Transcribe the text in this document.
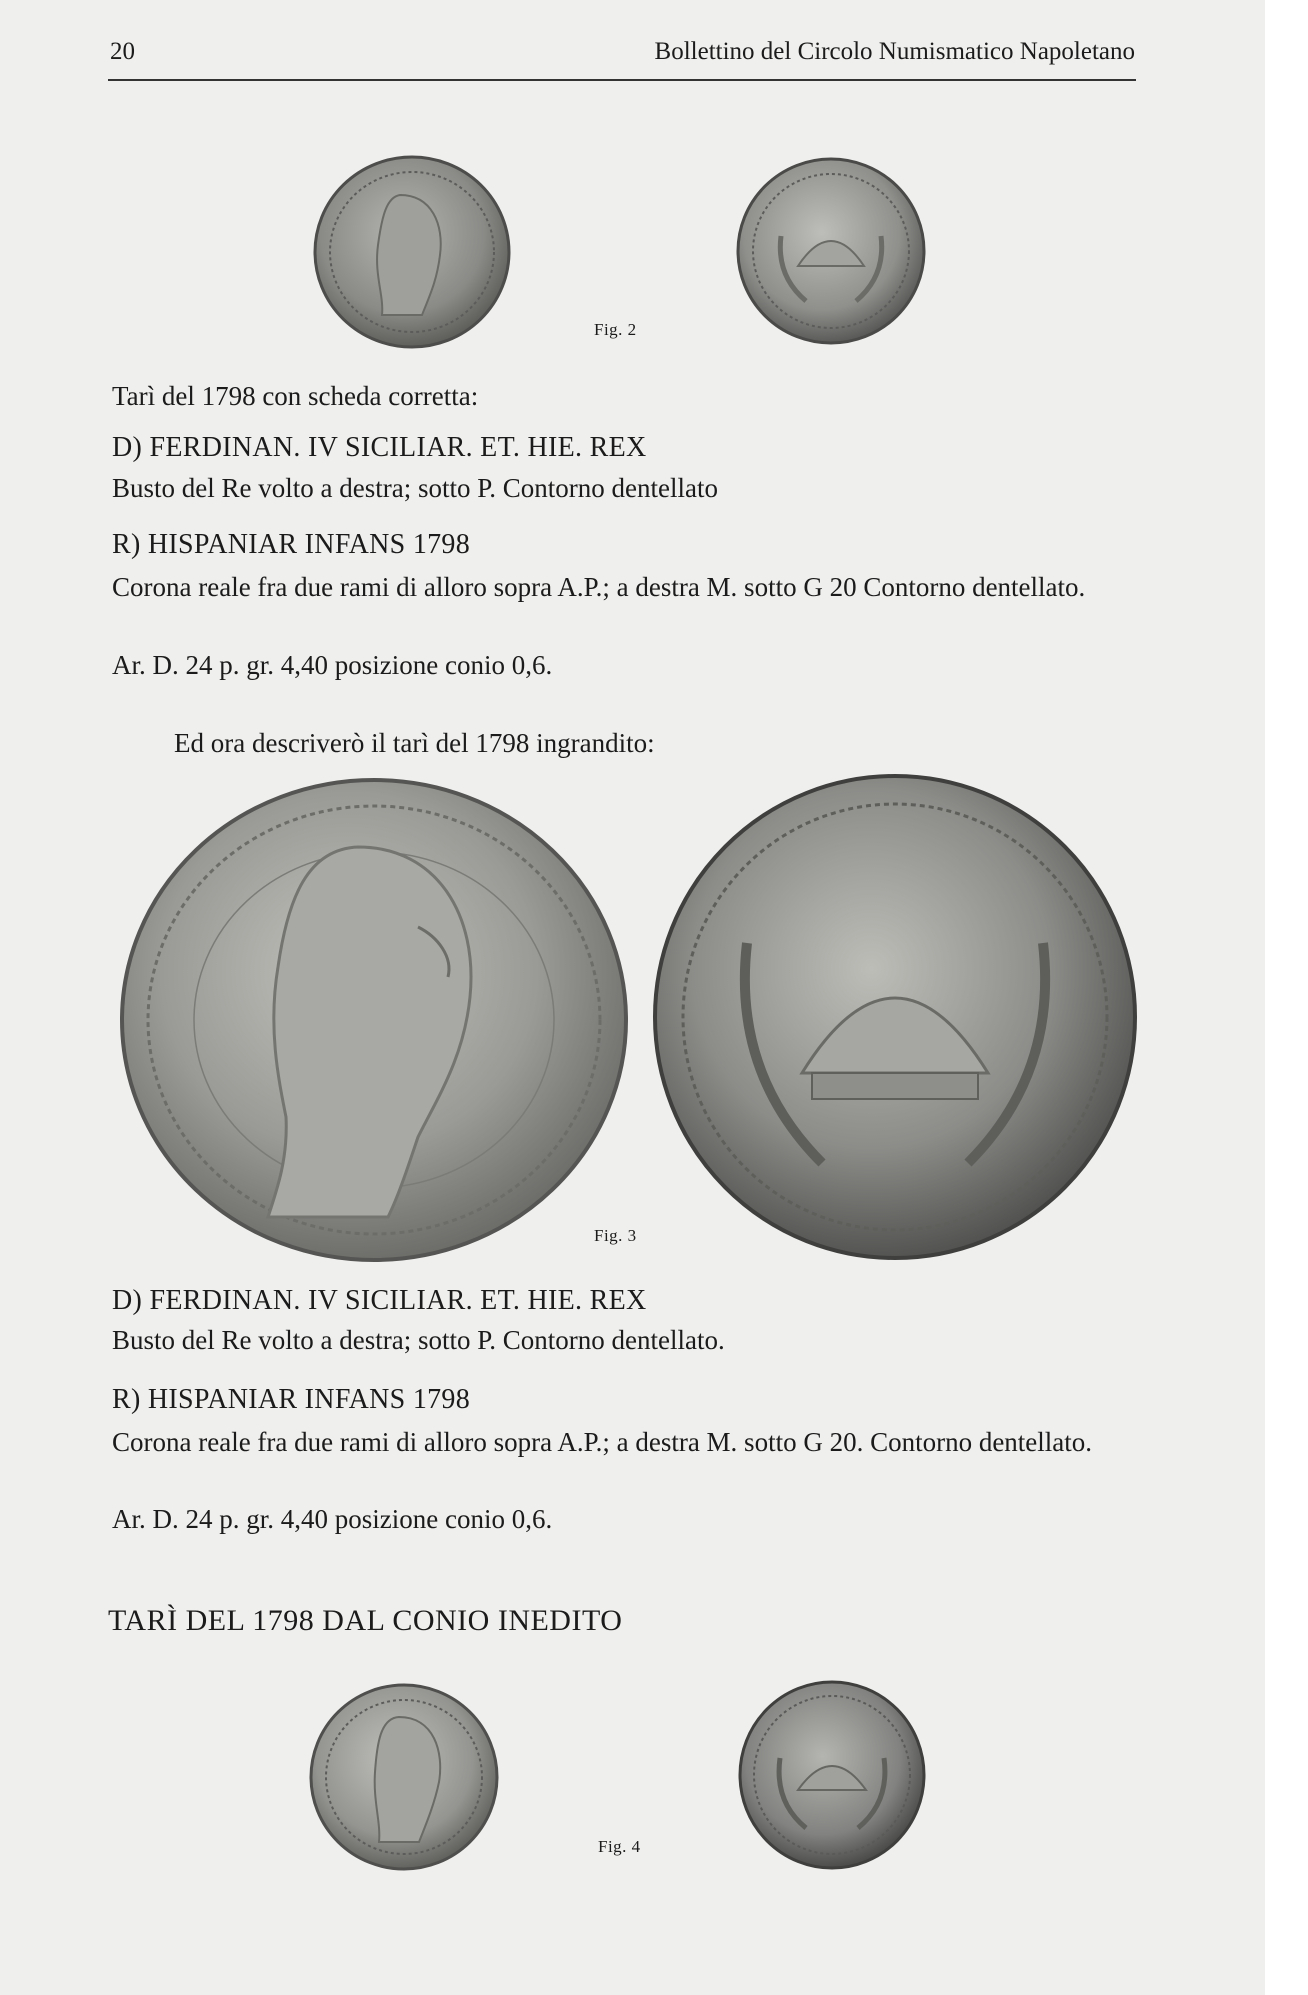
20	Bollettino del Circolo Numismatico Napoletano
Fig. 2
Tarì del 1798 con scheda corretta:
D) FERDINAN. IV SICILIAR. ET. HIE. REX
Busto del Re volto a destra; sotto P. Contorno dentellato
R) HISPANIAR INFANS 1798
Corona reale fra due rami di alloro sopra A.P.; a destra M. sotto G 20 Contorno dentellato.
Ar. D. 24 p. gr. 4,40 posizione conio 0,6.
Ed ora descriverò il tarì del 1798 ingrandito:
Fig. 3
D) FERDINAN. IV SICILIAR. ET. HIE. REX
Busto del Re volto a destra; sotto P. Contorno dentellato.
R) HISPANIAR INFANS 1798
Corona reale fra due rami di alloro sopra A.P.; a destra M. sotto G 20. Contorno dentellato.
Ar. D. 24 p. gr. 4,40 posizione conio 0,6.
TARÌ DEL 1798 DAL CONIO INEDITO
Fig. 4
